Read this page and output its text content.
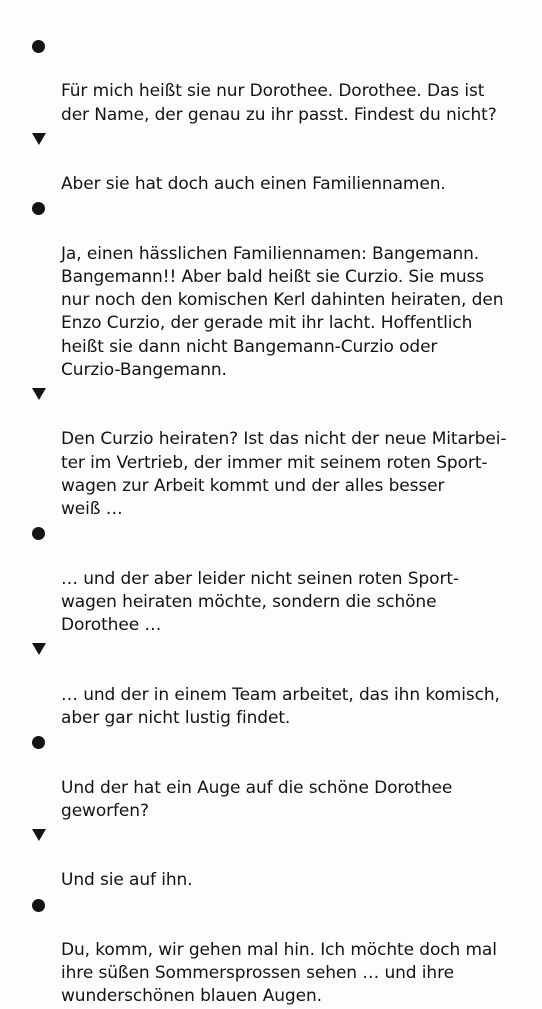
Für mich heißt sie nur Dorothee. Dorothee. Das ist
der Name, der genau zu ihr passt. Findest du nicht?

Aber sie hat doch auch einen Familiennamen.

Ja, einen hässlichen Familiennamen: Bangemann.
Bangemann!! Aber bald heißt sie Curzio. Sie muss
nur noch den komischen Kerl dahinten heiraten, den
Enzo Curzio, der gerade mit ihr lacht. Hoffentlich
heißt sie dann nicht Bangemann-Curzio oder
Curzio-Bangemann.

Den Curzio heiraten? Ist das nicht der neue Mitarbei-
ter im Vertrieb, der immer mit seinem roten Sport-
wagen zur Arbeit kommt und der alles besser
weiß …

… und der aber leider nicht seinen roten Sport-
wagen heiraten möchte, sondern die schöne
Dorothee …

… und der in einem Team arbeitet, das ihn komisch,
aber gar nicht lustig findet.

Und der hat ein Auge auf die schöne Dorothee
geworfen?

Und sie auf ihn.

Du, komm, wir gehen mal hin. Ich möchte doch mal
ihre süßen Sommersprossen sehen … und ihre
wunderschönen blauen Augen.
